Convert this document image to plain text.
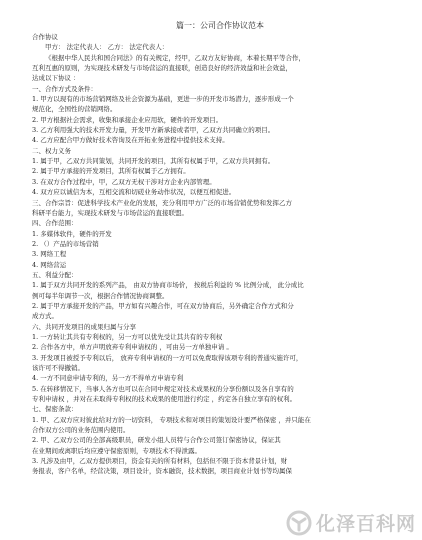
篇一：公司合作协议范本
合作协议
甲方： 法定代表人： 乙方： 法定代表人：
《根据中华人民共和国合同法》的有关规定，经甲，乙双方友好协商，本着长期平等合作，
互利互惠的原则，为实现技术研发与市场营运的直接联，创造良好的经济效益和社会效益，
达成以下协议 ：
一、合作方式及条件：
1. 甲方以现有的市场营销网络及社会资源为基础，更进一步的开发市场潜力，逐步形成一个
规范化，全国性的营销网络。
2. 甲方根据社会需求，收集和承接企业应用软，硬件的开发项目。
3. 乙方利用强大的技术开发力量，开发甲方新承接或者甲，乙双方共同确立的项目。
4. 乙方应配合甲方做好技术咨询及在开拓业务进程中提供技术支持。
二、权力义务
1. 属于甲，乙双方共同策划，共同开发的项目，其所有权属于甲，乙双方共同拥有。
2. 属于甲方承接的开发项目，其所有权属于乙方拥有。
3. 在双方合作过程中，甲，乙双方无权干涉对方企业内部管理。
4. 双方应以诚信为本，互相交流和切磋业务动作状况，以便互相促进。
三、合作宗旨：促进科学技术产业化的发展，充分利用甲方广泛的市场营销优势和发挥乙方
科研平台能力，实现技术研发与市场营运的直接联盟。
四、合作范围：
1. 多媒体软件，硬件的开发
2. （）产品的市场营销
3. 网络工程
4. 网络营运
五、利益分配：
1. 属于双方共同开发的系列产品， 由双方协商市场价， 按税后利益的 % 比例分成， 此分成比
例可每半年调节一次，根据合作情况协商调整。
2. 属于甲方承接开发的产品，甲方如有兴趣合作，可在双方协商后，另外确定合作方式和分
成方式。
六、共同开发项目的成果归属与分享
1. 一方转让其共有专利权的，另一方可以优先受让其共有的专利权
2. 合作各方中，单方声明放弃专利申请权的 ，可由另一方单独申请 。
3. 开发项目被授予专利以后， 放弃专利申请权的一方可以免费取得该项专利的普通实施许可，
该许可不得撤销。
4. 一方不同意申请专利的，另一方不得单方申请专利
5. 在转移情况下，当事人各方也可以在合同中规定对技术成果权的分享份额以及各自享有的
专利申请权 ，并对在未取得专利权的技术成果的使用进行约定 ，约定各自独立享有的权利。
七、保密条款：
1. 甲、乙双方应对彼此给对方的一切资料， 专项技术和对项目的策划设计要严格保密 ，并只能在
合作双方公司的业务范围内使用。
2. 甲、乙双方公司的全部高级职员，研发小组人员特与合作公司签订保密协议，保证其
在业期间或离职后均应遵守保密原则，专项技术不得泄露。
3. 凡涉及由甲，乙双方提供项目，资金有关的所有材料，包括但不限于资本背景计划，财
务报表，客户名单，经营决策，项目设计，资本融资，技术数据，项目商业计划书等均属保
化泽百科网
